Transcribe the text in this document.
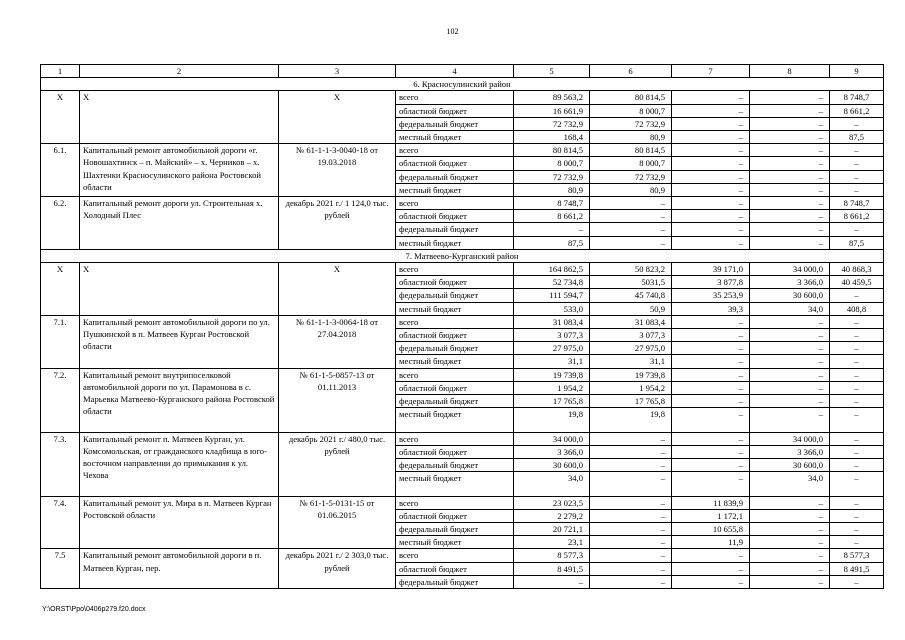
102
1	2	3	4	5	6	7	8	9
6. Красносулинский район								
Х	Х	Х	всего	89 563,2	80 814,5	–	–	8 748,7
			областной бюджет	16 661,9	8 000,7	–	–	8 661,2
			федеральный бюджет	72 732,9	72 732,9	–	–	–
			местный бюджет	168,4	80,9	–	–	87,5
6.1.	Капитальный ремонт автомобильной дороги «г. Новошахтинск – п. Майский» – х. Черников – х. Шахтенки Красносулинского района Ростовской области	№ 61-1-1-3-0040-18 от 19.03.2018	всего	80 814,5	80 814,5	–	–	–
			областной бюджет	8 000,7	8 000,7	–	–	–
			федеральный бюджет	72 732,9	72 732,9	–	–	–
			местный бюджет	80,9	80,9	–	–	–
6.2.	Капитальный ремонт дороги ул. Строительная х. Холодный Плес	декабрь 2021 г./ 1 124,0 тыс. рублей	всего	8 748,7	–	–	–	8 748,7
			областной бюджет	8 661,2	–	–	–	8 661,2
			федеральный бюджет	–	–	–	–	–
			местный бюджет	87,5	–	–	–	87,5
7. Матвеево-Курганский район								
Х	Х	Х	всего	164 862,5	50 823,2	39 171,0	34 000,0	40 868,3
			областной бюджет	52 734,8	5031,5	3 877,8	3 366,0	40 459,5
			федеральный бюджет	111 594,7	45 740,8	35 253,9	30 600,0	–
			местный бюджет	533,0	50,9	39,3	34,0	408,8
7.1.	Капитальный ремонт автомобильной дороги по ул. Пушкинской в п. Матвеев Курган Ростовской области	№ 61-1-1-3-0064-18 от 27.04.2018	всего	31 083,4	31 083,4	–	–	–
			областной бюджет	3 077,3	3 077,3	–	–	–
			федеральный бюджет	27 975,0	27 975,0	–	–	–
			местный бюджет	31,1	31,1	–	–	–
7.2.	Капитальный ремонт внутрипоселковой автомобильной дороги по ул. Парамонова в с. Марьевка Матвеево-Курганского района Ростовской области	№ 61-1-5-0857-13 от 01.11.2013	всего	19 739,8	19 739,8	–	–	–
			областной бюджет	1 954,2	1 954,2	–	–	–
			федеральный бюджет	17 765,8	17 765,8	–	–	–
			местный бюджет	19,8	19,8	–	–	–
7.3.	Капитальный ремонт п. Матвеев Курган, ул. Комсомольская, от гражданского кладбища в юго-восточном направлении до примыкания к ул. Чехова	декабрь 2021 г./ 480,0 тыс. рублей	всего	34 000,0	–	–	34 000,0	–
			областной бюджет	3 366,0	–	–	3 366,0	–
			федеральный бюджет	30 600,0	–	–	30 600,0	–
			местный бюджет	34,0	–	–	34,0	–
7.4.	Капитальный ремонт ул. Мира в п. Матвеев Курган Ростовской области	№ 61-1-5-0131-15 от 01.06.2015	всего	23 023,5	–	11 839,9	–	–
			областной бюджет	2 279,2	–	1 172,1	–	–
			федеральный бюджет	20 721,1	–	10 655,8	–	–
			местный бюджет	23,1	–	11,9	–	–
7.5	Капитальный ремонт автомобильной дороги в п. Матвеев Курган, пер.	декабрь 2021 г./ 2 303,0 тыс. рублей	всего	8 577,3	–	–	–	8 577,3
			областной бюджет	8 491,5	–	–	–	8 491,5
			федеральный бюджет	–	–	–	–	–
Y:\ORST\Ppo\0406p279.f20.docx
